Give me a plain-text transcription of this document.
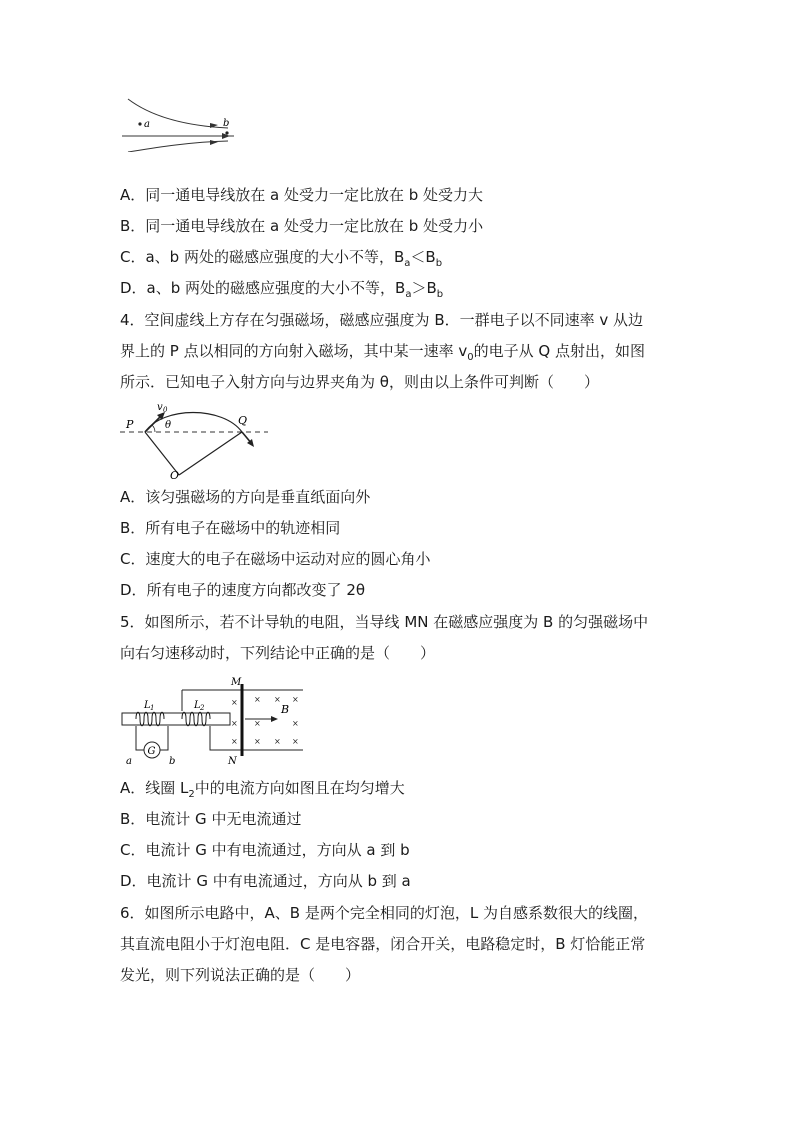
a	b
A．同一通电导线放在 a 处受力一定比放在 b 处受力大
B．同一通电导线放在 a 处受力一定比放在 b 处受力小
C．a、b 两处的磁感应强度的大小不等，$B_a<B_b$
D．a、b 两处的磁感应强度的大小不等，$B_a>B_b$
4．空间虚线上方存在匀强磁场，磁感应强度为 B．一群电子以不同速率 v 从边
界上的 P 点以相同的方向射入磁场，其中某一速率 $v_0$的电子从 Q 点射出，如图
所示．已知电子入射方向与边界夹角为 θ，则由以上条件可判断（　　）
v 0
θ
P	Q
O
A．该匀强磁场的方向是垂直纸面向外
B．所有电子在磁场中的轨迹相同
C．速度大的电子在磁场中运动对应的圆心角小
D．所有电子的速度方向都改变了 2θ
5．如图所示，若不计导轨的电阻，当导线 MN 在磁感应强度为 B 的匀强磁场中
向右匀速移动时，下列结论中正确的是（　　）
G
a	b
L 1	L 2
M
N
× × × ×
× ×	×
× × × ×
B
A．线圈 $L_2$中的电流方向如图且在均匀增大
B．电流计 G 中无电流通过
C．电流计 G 中有电流通过，方向从 a 到 b
D．电流计 G 中有电流通过，方向从 b 到 a
6．如图所示电路中，A、B 是两个完全相同的灯泡，L 为自感系数很大的线圈，
其直流电阻小于灯泡电阻．C 是电容器，闭合开关，电路稳定时，B 灯恰能正常
发光，则下列说法正确的是（　　）
